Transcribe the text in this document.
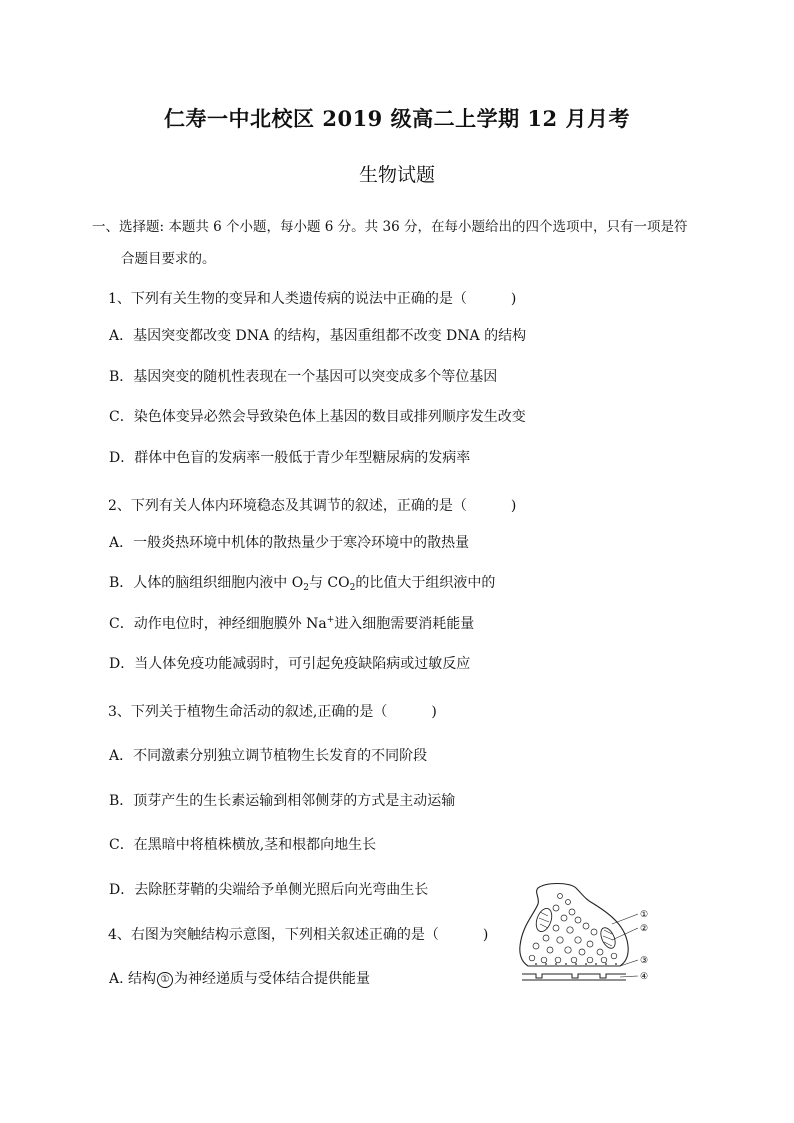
仁寿一中北校区 2019 级高二上学期 12 月月考
生物试题
一、选择题: 本题共 6 个小题，每小题 6 分。共 36 分，在每小题给出的四个选项中，只有一项是符
合题目要求的。
1、下列有关生物的变异和人类遗传病的说法中正确的是（	)
A．基因突变都改变 DNA 的结构，基因重组都不改变 DNA 的结构
B．基因突变的随机性表现在一个基因可以突变成多个等位基因
C．染色体变异必然会导致染色体上基因的数目或排列顺序发生改变
D．群体中色盲的发病率一般低于青少年型糖尿病的发病率
2、下列有关人体内环境稳态及其调节的叙述，正确的是（	)
A．一般炎热环境中机体的散热量少于寒冷环境中的散热量
B．人体的脑组织细胞内液中 $O_2$与 $CO_2$的比值大于组织液中的
C．动作电位时，神经细胞膜外 Na+进入细胞需要消耗能量
D．当人体免疫功能减弱时，可引起免疫缺陷病或过敏反应
3、下列关于植物生命活动的叙述,正确的是（	)
A．不同激素分别独立调节植物生长发育的不同阶段
B．顶芽产生的生长素运输到相邻侧芽的方式是主动运输
C．在黑暗中将植株横放,茎和根都向地生长
D．去除胚芽鞘的尖端给予单侧光照后向光弯曲生长
4、右图为突触结构示意图，下列相关叙述正确的是（	)
A. 结构 ① 为神经递质与受体结合提供能量
①
②
③
④
